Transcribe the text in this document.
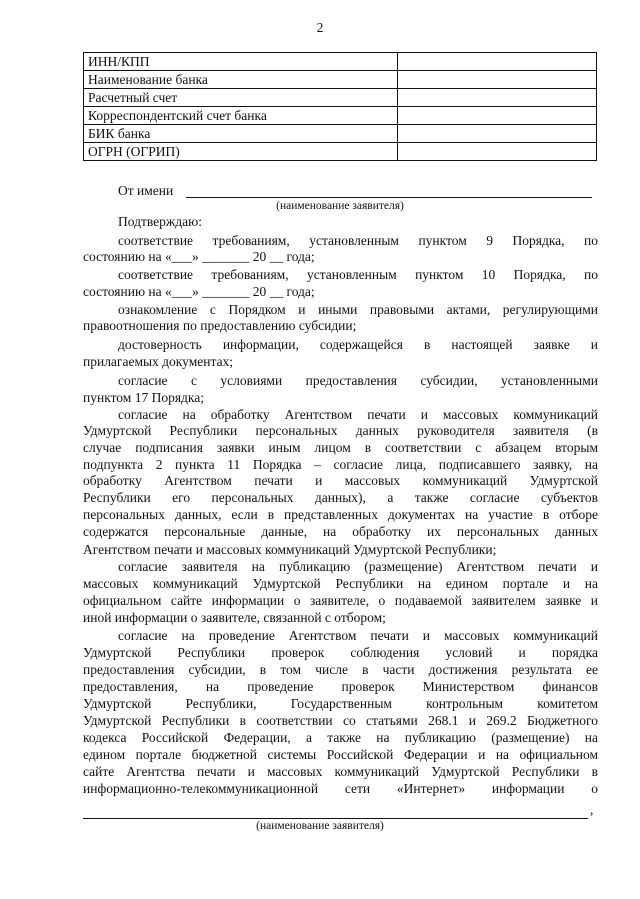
2
ИНН/КПП	
Наименование банка	
Расчетный счет	
Корреспондентский счет банка	
БИК банка	
ОГРН (ОГРИП)	
От имени
(наименование заявителя)
Подтверждаю:
соответствие требованиям, установленным пунктом 9 Порядка, по
состоянию на «___» _______ 20 __ года;
соответствие требованиям, установленным пунктом 10 Порядка, по
состоянию на «___» _______ 20 __ года;
ознакомление с Порядком и иными правовыми актами, регулирующими
правоотношения по предоставлению субсидии;
достоверность информации, содержащейся в настоящей заявке и
прилагаемых документах;
согласие с условиями предоставления субсидии, установленными
пунктом 17 Порядка;
согласие на обработку Агентством печати и массовых коммуникаций
Удмуртской Республики персональных данных руководителя заявителя (в
случае подписания заявки иным лицом в соответствии с абзацем вторым
подпункта 2 пункта 11 Порядка – согласие лица, подписавшего заявку, на
обработку Агентством печати и массовых коммуникаций Удмуртской
Республики его персональных данных), а также согласие субъектов
персональных данных, если в представленных документах на участие в отборе
содержатся персональные данные, на обработку их персональных данных
Агентством печати и массовых коммуникаций Удмуртской Республики;
согласие заявителя на публикацию (размещение) Агентством печати и
массовых коммуникаций Удмуртской Республики на едином портале и на
официальном сайте информации о заявителе, о подаваемой заявителем заявке и
иной информации о заявителе, связанной с отбором;
согласие на проведение Агентством печати и массовых коммуникаций
Удмуртской Республики проверок соблюдения условий и порядка
предоставления субсидии, в том числе в части достижения результата ее
предоставления, на проведение проверок Министерством финансов
Удмуртской Республики, Государственным контрольным комитетом
Удмуртской Республики в соответствии со статьями 268.1 и 269.2 Бюджетного
кодекса Российской Федерации, а также на публикацию (размещение) на
едином портале бюджетной системы Российской Федерации и на официальном
сайте Агентства печати и массовых коммуникаций Удмуртской Республики в
информационно-телекоммуникационной сети «Интернет» информации о
,
(наименование заявителя)
